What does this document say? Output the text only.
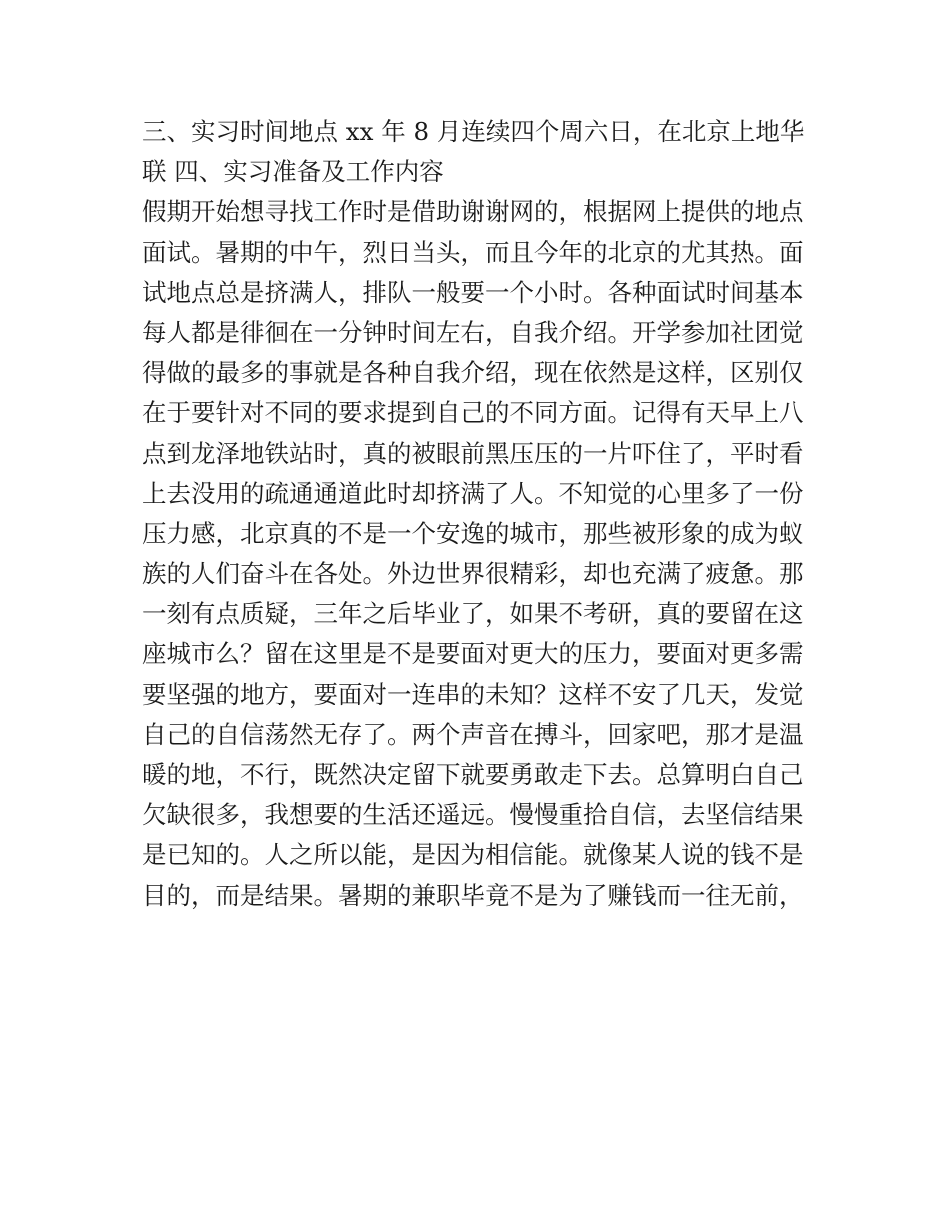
三、实习时间地点 xx 年 8 月连续四个周六日，在北京上地华
联 四、实习准备及工作内容
假期开始想寻找工作时是借助谢谢网的，根据网上提供的地点
面试。暑期的中午，烈日当头，而且今年的北京的尤其热。面
试地点总是挤满人，排队一般要一个小时。各种面试时间基本
每人都是徘徊在一分钟时间左右，自我介绍。开学参加社团觉
得做的最多的事就是各种自我介绍，现在依然是这样，区别仅
在于要针对不同的要求提到自己的不同方面。记得有天早上八
点到龙泽地铁站时，真的被眼前黑压压的一片吓住了，平时看
上去没用的疏通通道此时却挤满了人。不知觉的心里多了一份
压力感，北京真的不是一个安逸的城市，那些被形象的成为蚁
族的人们奋斗在各处。外边世界很精彩，却也充满了疲惫。那
一刻有点质疑，三年之后毕业了，如果不考研，真的要留在这
座城市么？留在这里是不是要面对更大的压力，要面对更多需
要坚强的地方，要面对一连串的未知？这样不安了几天，发觉
自己的自信荡然无存了。两个声音在搏斗，回家吧，那才是温
暖的地，不行，既然决定留下就要勇敢走下去。总算明白自己
欠缺很多，我想要的生活还遥远。慢慢重拾自信，去坚信结果
是已知的。人之所以能，是因为相信能。就像某人说的钱不是
目的，而是结果。暑期的兼职毕竟不是为了赚钱而一往无前，
